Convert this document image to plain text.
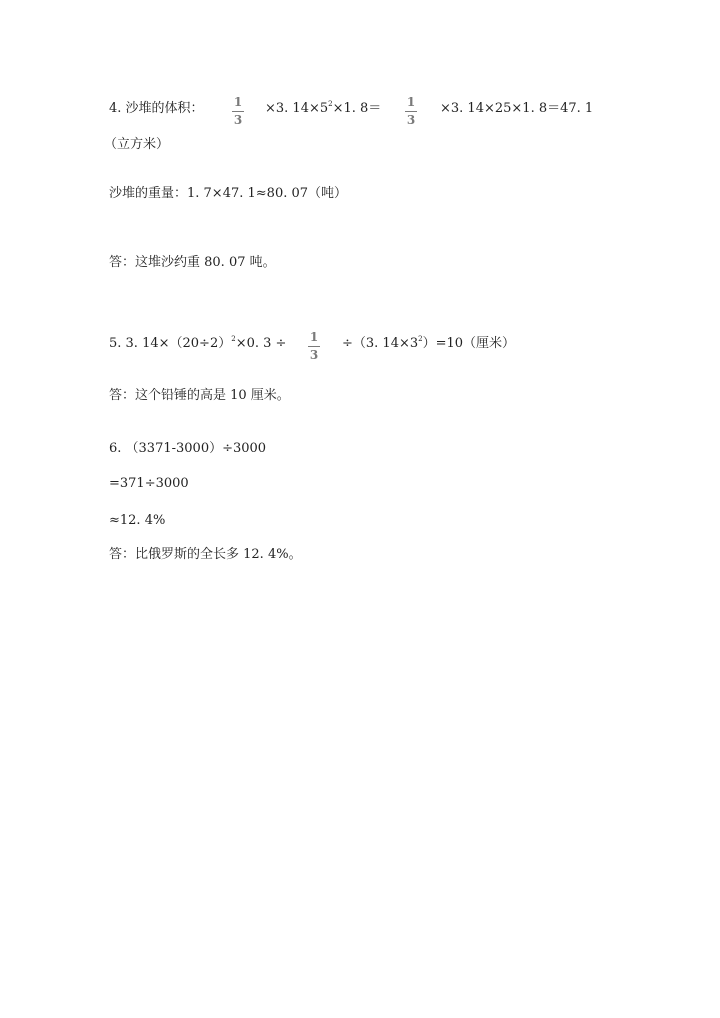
4. 沙堆的体积：	1
3
×3. $14\times 5^2\times 1$. 8＝ 1
3
×3. 14×25×1. 8＝47. 1
（立方米）
沙堆的重量：1. 7×47. 1≈80. 07（吨）
答：这堆沙约重 80. 07 吨。
5. 3. $14\times(20\div 2)^2\times 0$. 3 ÷ 1
3
÷（3. $14\times 3^2)=10$（厘米）
答：这个铅锤的高是 10 厘米。
6. （3371-3000）÷3000
=371÷3000
≈12. 4%
答：比俄罗斯的全长多 12. 4%。
